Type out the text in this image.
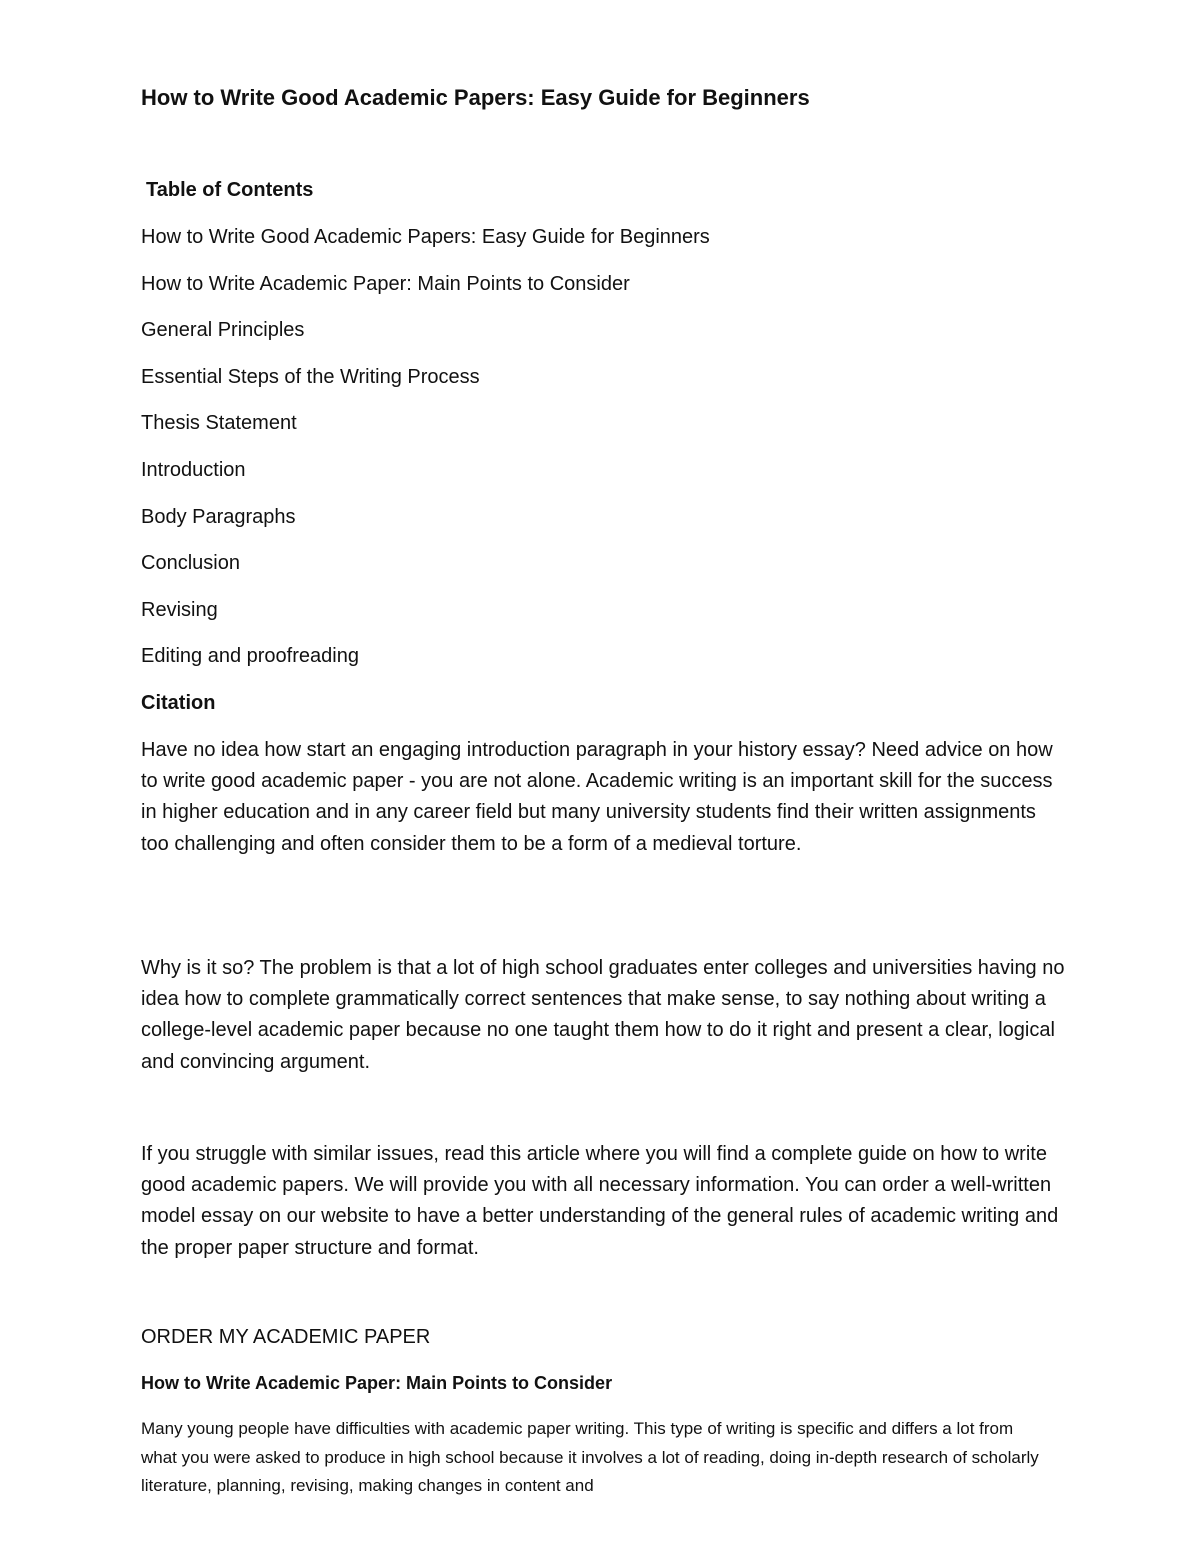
How to Write Good Academic Papers: Easy Guide for Beginners
Table of Contents
How to Write Good Academic Papers: Easy Guide for Beginners
How to Write Academic Paper: Main Points to Consider
General Principles
Essential Steps of the Writing Process
Thesis Statement
Introduction
Body Paragraphs
Conclusion
Revising
Editing and proofreading
Citation

Have no idea how start an engaging introduction paragraph in your history essay? Need advice on how to write good academic paper - you are not alone. Academic writing is an important skill for the success in higher education and in any career field but many university students find their written assignments too challenging and often consider them to be a form of a medieval torture.

Why is it so? The problem is that a lot of high school graduates enter colleges and universities having no idea how to complete grammatically correct sentences that make sense, to say nothing about writing a college-level academic paper because no one taught them how to do it right and present a clear, logical and convincing argument.

If you struggle with similar issues, read this article where you will find a complete guide on how to write good academic papers. We will provide you with all necessary information. You can order a well-written model essay on our website to have a better understanding of the general rules of academic writing and the proper paper structure and format.

ORDER MY ACADEMIC PAPER
How to Write Academic Paper: Main Points to Consider

Many young people have difficulties with academic paper writing. This type of writing is specific and differs a lot from what you were asked to produce in high school because it involves a lot of reading, doing in-depth research of scholarly literature, planning, revising, making changes in content and
